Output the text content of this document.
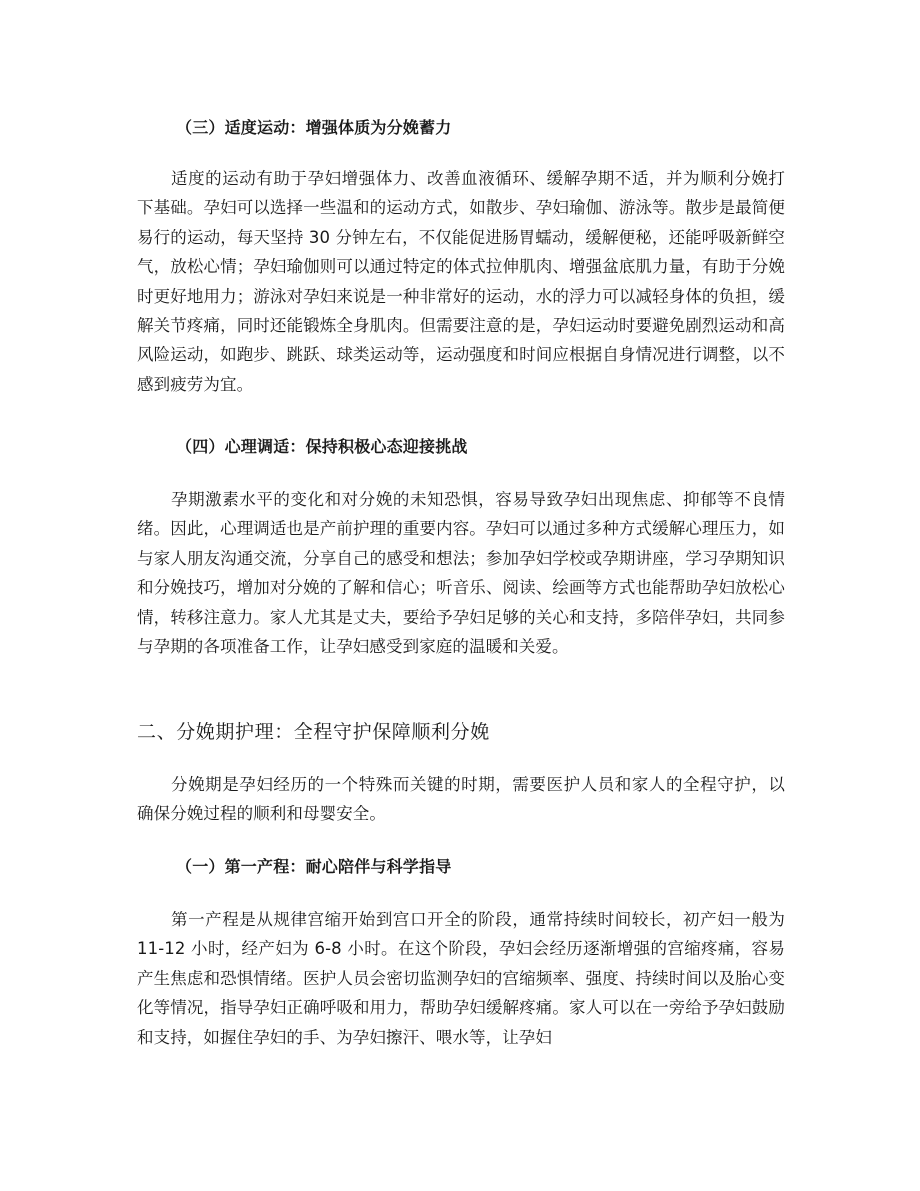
（三）适度运动：增强体质为分娩蓄力

适度的运动有助于孕妇增强体力、改善血液循环、缓解孕期不适，并为顺利分娩打下基础。孕妇可以选择一些温和的运动方式，如散步、孕妇瑜伽、游泳等。散步是最简便易行的运动，每天坚持 30 分钟左右，不仅能促进肠胃蠕动，缓解便秘，还能呼吸新鲜空气，放松心情；孕妇瑜伽则可以通过特定的体式拉伸肌肉、增强盆底肌力量，有助于分娩时更好地用力；游泳对孕妇来说是一种非常好的运动，水的浮力可以减轻身体的负担，缓解关节疼痛，同时还能锻炼全身肌肉。但需要注意的是，孕妇运动时要避免剧烈运动和高风险运动，如跑步、跳跃、球类运动等，运动强度和时间应根据自身情况进行调整，以不感到疲劳为宜。

（四）心理调适：保持积极心态迎接挑战

孕期激素水平的变化和对分娩的未知恐惧，容易导致孕妇出现焦虑、抑郁等不良情绪。因此，心理调适也是产前护理的重要内容。孕妇可以通过多种方式缓解心理压力，如与家人朋友沟通交流，分享自己的感受和想法；参加孕妇学校或孕期讲座，学习孕期知识和分娩技巧，增加对分娩的了解和信心；听音乐、阅读、绘画等方式也能帮助孕妇放松心情，转移注意力。家人尤其是丈夫，要给予孕妇足够的关心和支持，多陪伴孕妇，共同参与孕期的各项准备工作，让孕妇感受到家庭的温暖和关爱。

二、分娩期护理：全程守护保障顺利分娩

分娩期是孕妇经历的一个特殊而关键的时期，需要医护人员和家人的全程守护，以确保分娩过程的顺利和母婴安全。

（一）第一产程：耐心陪伴与科学指导

第一产程是从规律宫缩开始到宫口开全的阶段，通常持续时间较长，初产妇一般为 11-12 小时，经产妇为 6-8 小时。在这个阶段，孕妇会经历逐渐增强的宫缩疼痛，容易产生焦虑和恐惧情绪。医护人员会密切监测孕妇的宫缩频率、强度、持续时间以及胎心变化等情况，指导孕妇正确呼吸和用力，帮助孕妇缓解疼痛。家人可以在一旁给予孕妇鼓励和支持，如握住孕妇的手、为孕妇擦汗、喂水等，让孕妇
